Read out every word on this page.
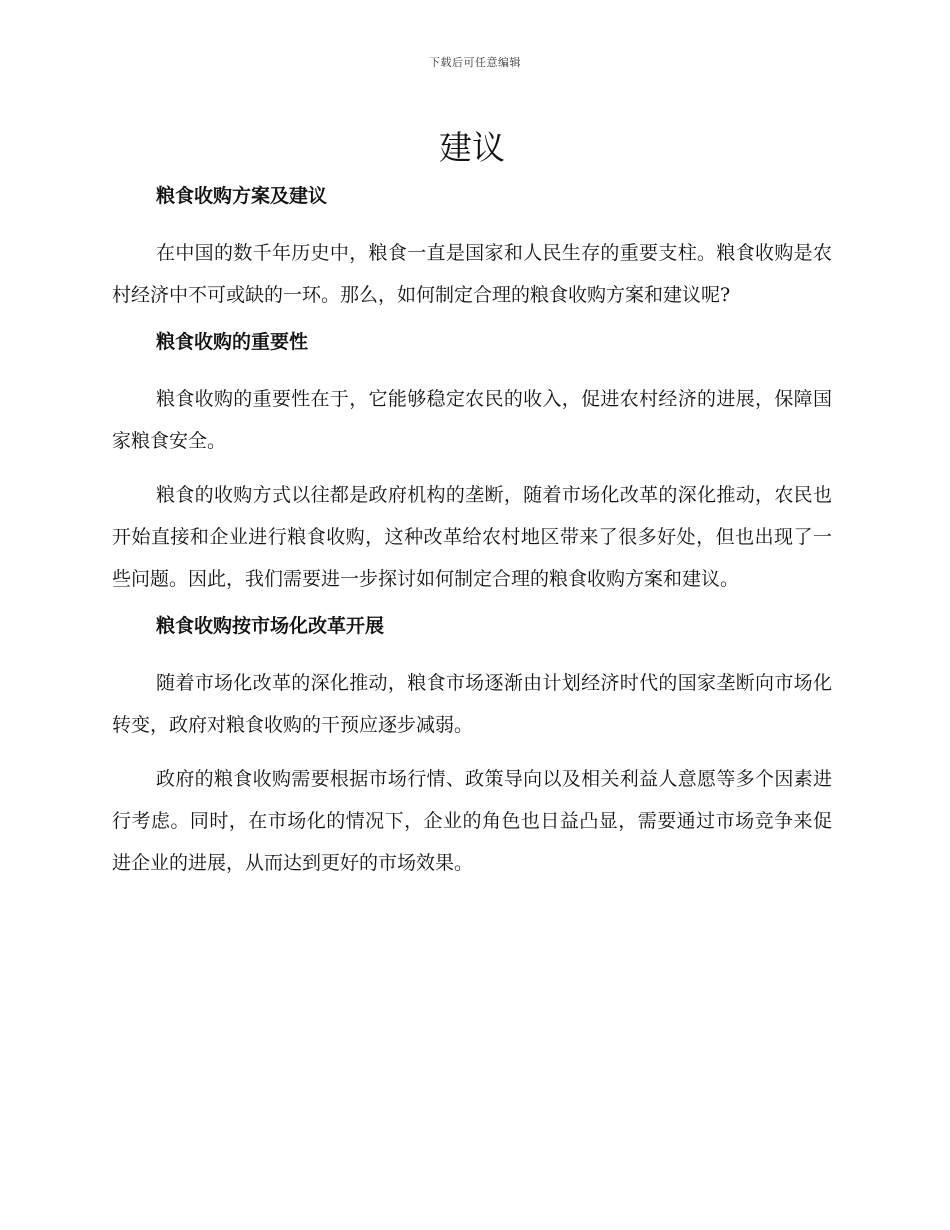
下载后可任意编辑
建议
粮食收购方案及建议

在中国的数千年历史中，粮食一直是国家和人民生存的重要支柱。粮食收购是农村经济中不可或缺的一环。那么，如何制定合理的粮食收购方案和建议呢?

粮食收购的重要性

粮食收购的重要性在于，它能够稳定农民的收入，促进农村经济的进展，保障国家粮食安全。

粮食的收购方式以往都是政府机构的垄断，随着市场化改革的深化推动，农民也开始直接和企业进行粮食收购，这种改革给农村地区带来了很多好处，但也出现了一些问题。因此，我们需要进一步探讨如何制定合理的粮食收购方案和建议。

粮食收购按市场化改革开展

随着市场化改革的深化推动，粮食市场逐渐由计划经济时代的国家垄断向市场化转变，政府对粮食收购的干预应逐步减弱。

政府的粮食收购需要根据市场行情、政策导向以及相关利益人意愿等多个因素进行考虑。同时，在市场化的情况下，企业的角色也日益凸显，需要通过市场竞争来促进企业的进展，从而达到更好的市场效果。
